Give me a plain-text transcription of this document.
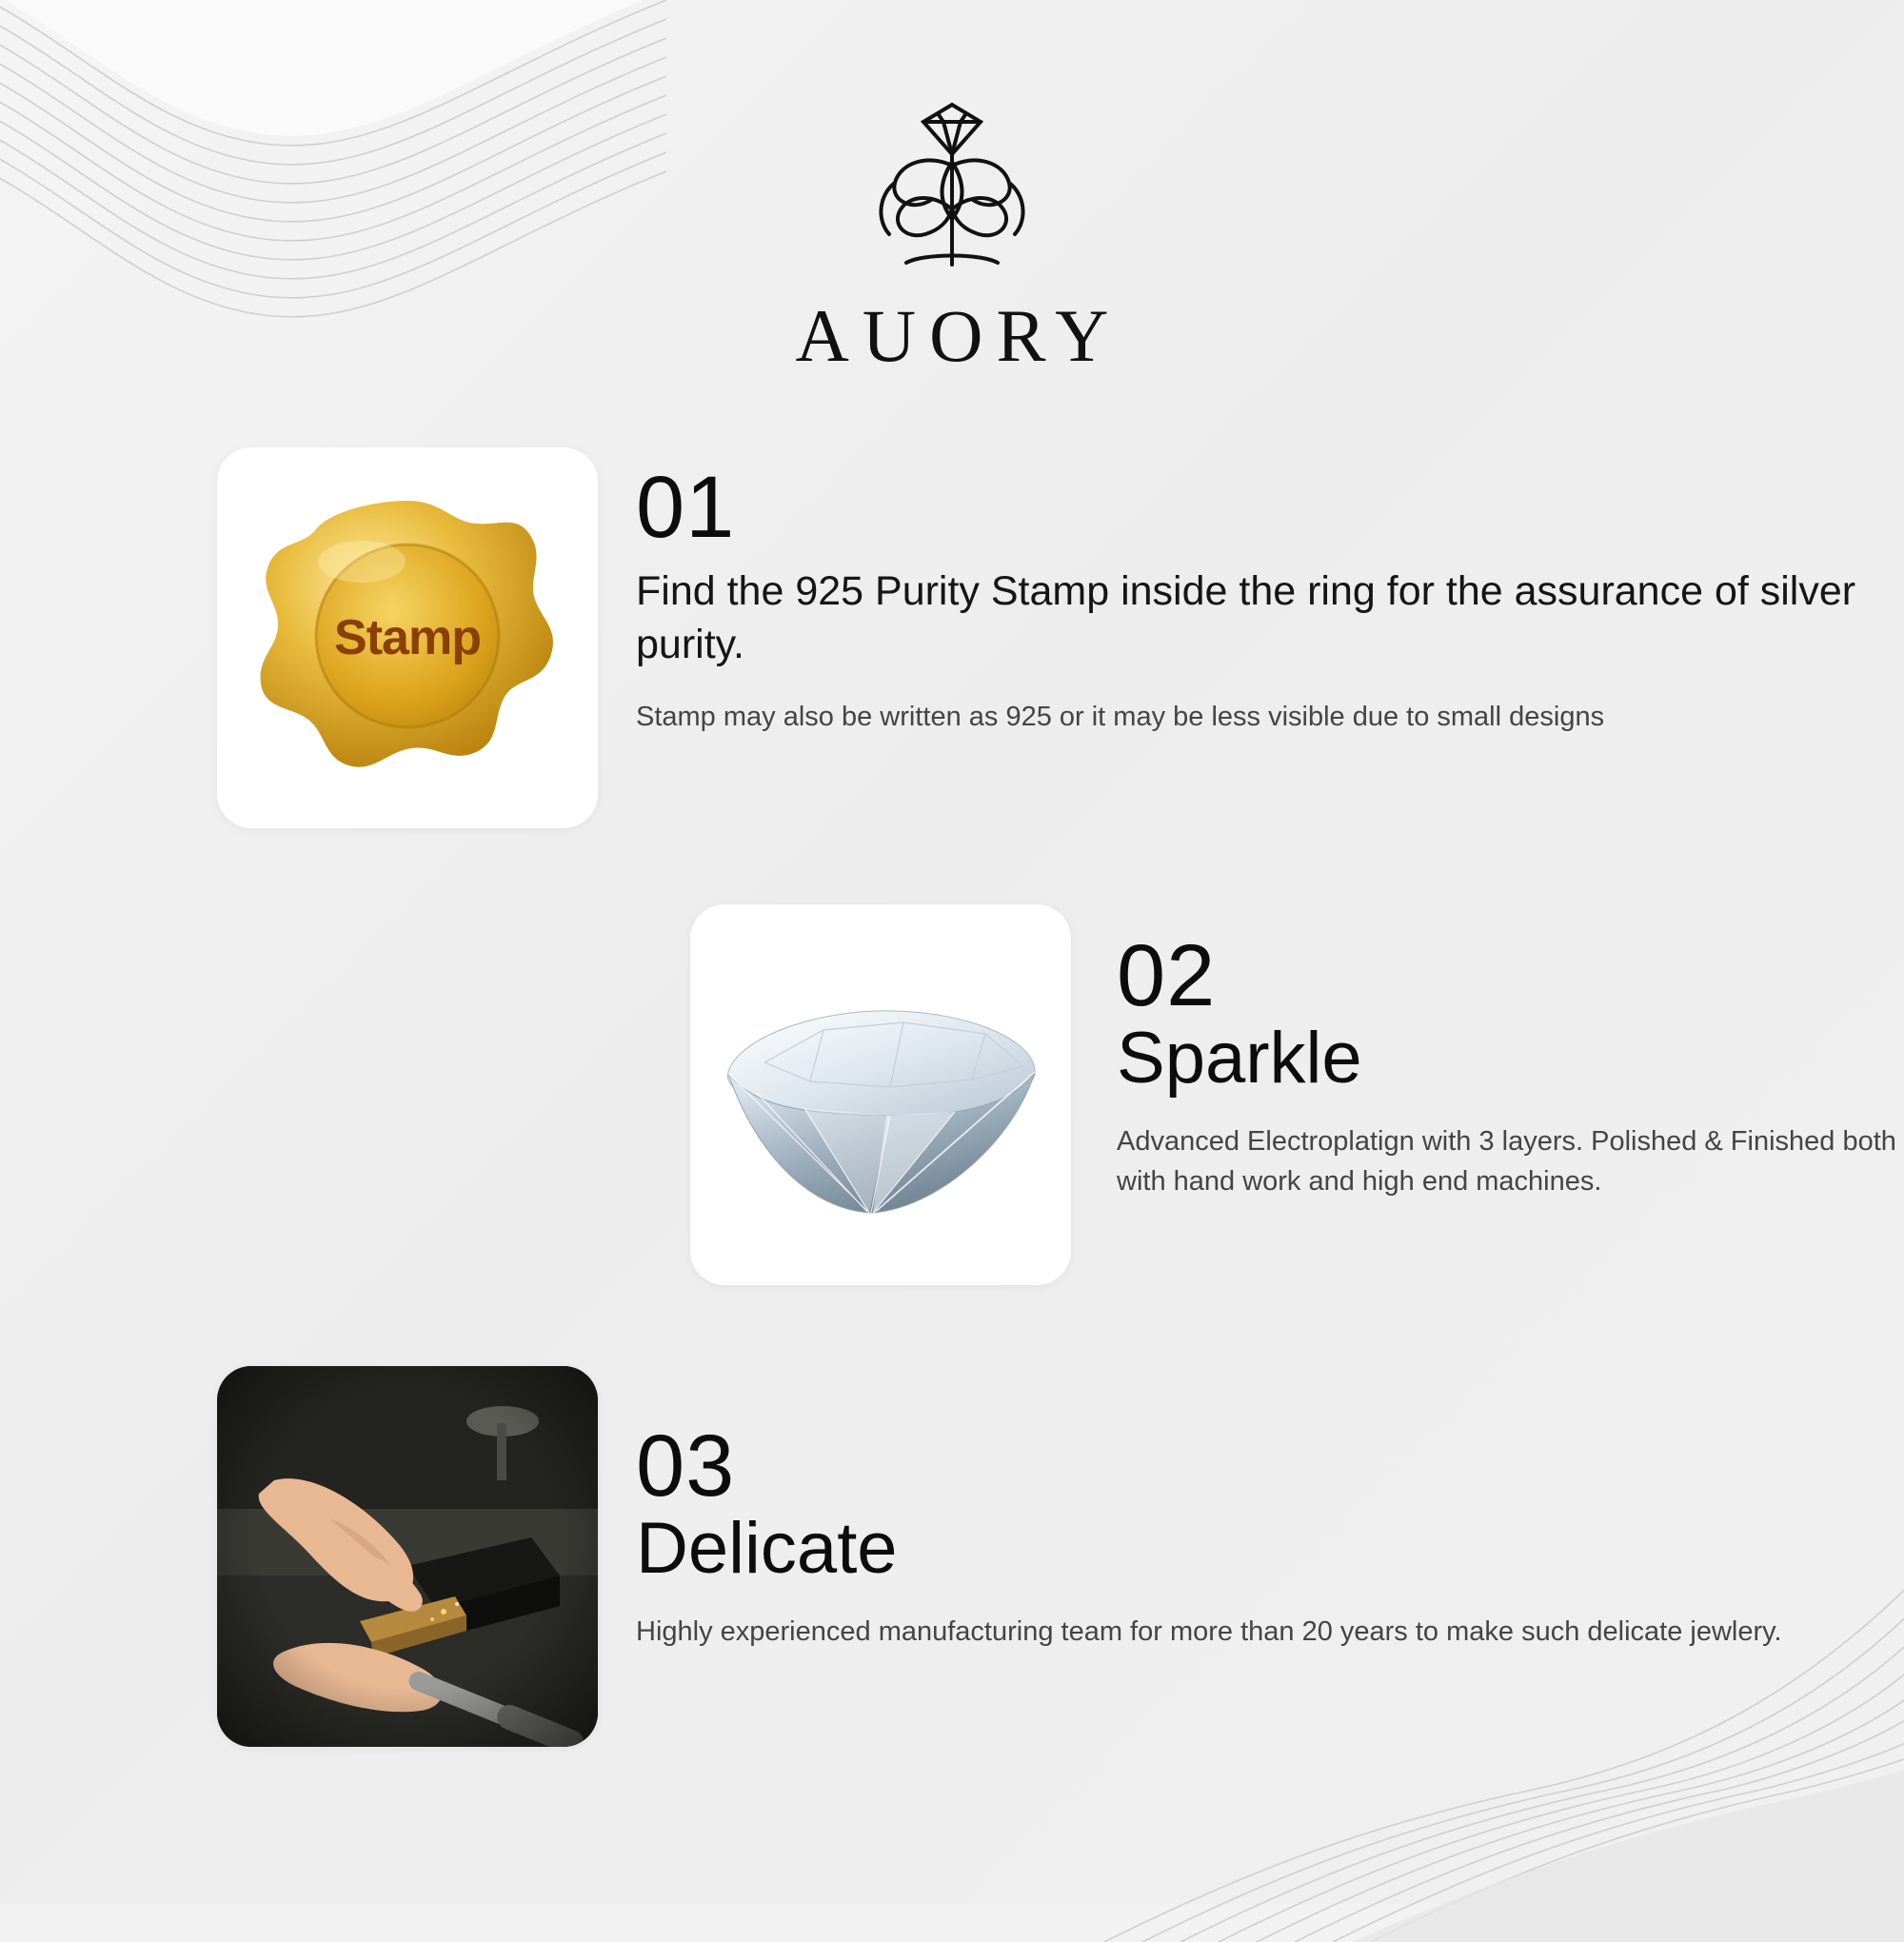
AUORY
Stamp
01
Find the 925 Purity Stamp inside the ring for the assurance of silver purity.
Stamp may also be written as 925 or it may be less visible due to small designs
02
Sparkle
Advanced Electroplatign with 3 layers. Polished & Finished both with hand work and high end machines.
03
Delicate
Highly experienced manufacturing team for more than 20 years to make such delicate jewlery.
